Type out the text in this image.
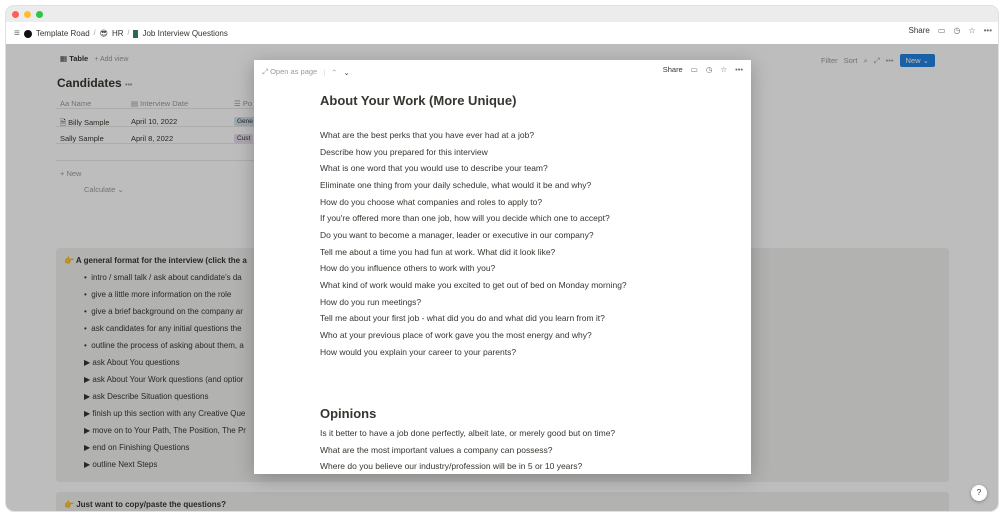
≡ Template Road / 😎 HR / Job Interview Questions	Share ▭ ◷ ☆ •••
▦ Table + Add view	Filter Sort ⌕ ⤢ •••	New ⌄
Candidates •••
Aa Name	▤ Interview Date	☰ Po
🗎 Billy Sample	April 10, 2022	Gene
Sally Sample	April 8, 2022	Cust
+ New
Calculate ⌄
👉 A general format for the interview (click the a
•  intro / small talk / ask about candidate's da
•  give a little more information on the role
•  give a brief background on the company ar
•  ask candidates for any initial questions the
•  outline the process of asking about them, a
▶ ask About You questions
▶ ask About Your Work questions (and optior
▶ ask Describe Situation questions
▶ finish up this section with any Creative Que
▶ move on to Your Path, The Position, The Pr
▶ end on Finishing Questions
▶ outline Next Steps
👉 Just want to copy/paste the questions?
?
⤢ Open as page | ⌃ ⌄	Share ▭ ◷ ☆ •••
About Your Work (More Unique)
What are the best perks that you have ever had at a job?
Describe how you prepared for this interview
What is one word that you would use to describe your team?
Eliminate one thing from your daily schedule, what would it be and why?
How do you choose what companies and roles to apply to?
If you're offered more than one job, how will you decide which one to accept?
Do you want to become a manager, leader or executive in our company?
Tell me about a time you had fun at work. What did it look like?
How do you influence others to work with you?
What kind of work would make you excited to get out of bed on Monday morning?
How do you run meetings?
Tell me about your first job - what did you do and what did you learn from it?
Who at your previous place of work gave you the most energy and why?
How would you explain your career to your parents?
Opinions
Is it better to have a job done perfectly, albeit late, or merely good but on time?
What are the most important values a company can possess?
Where do you believe our industry/profession will be in 5 or 10 years?
